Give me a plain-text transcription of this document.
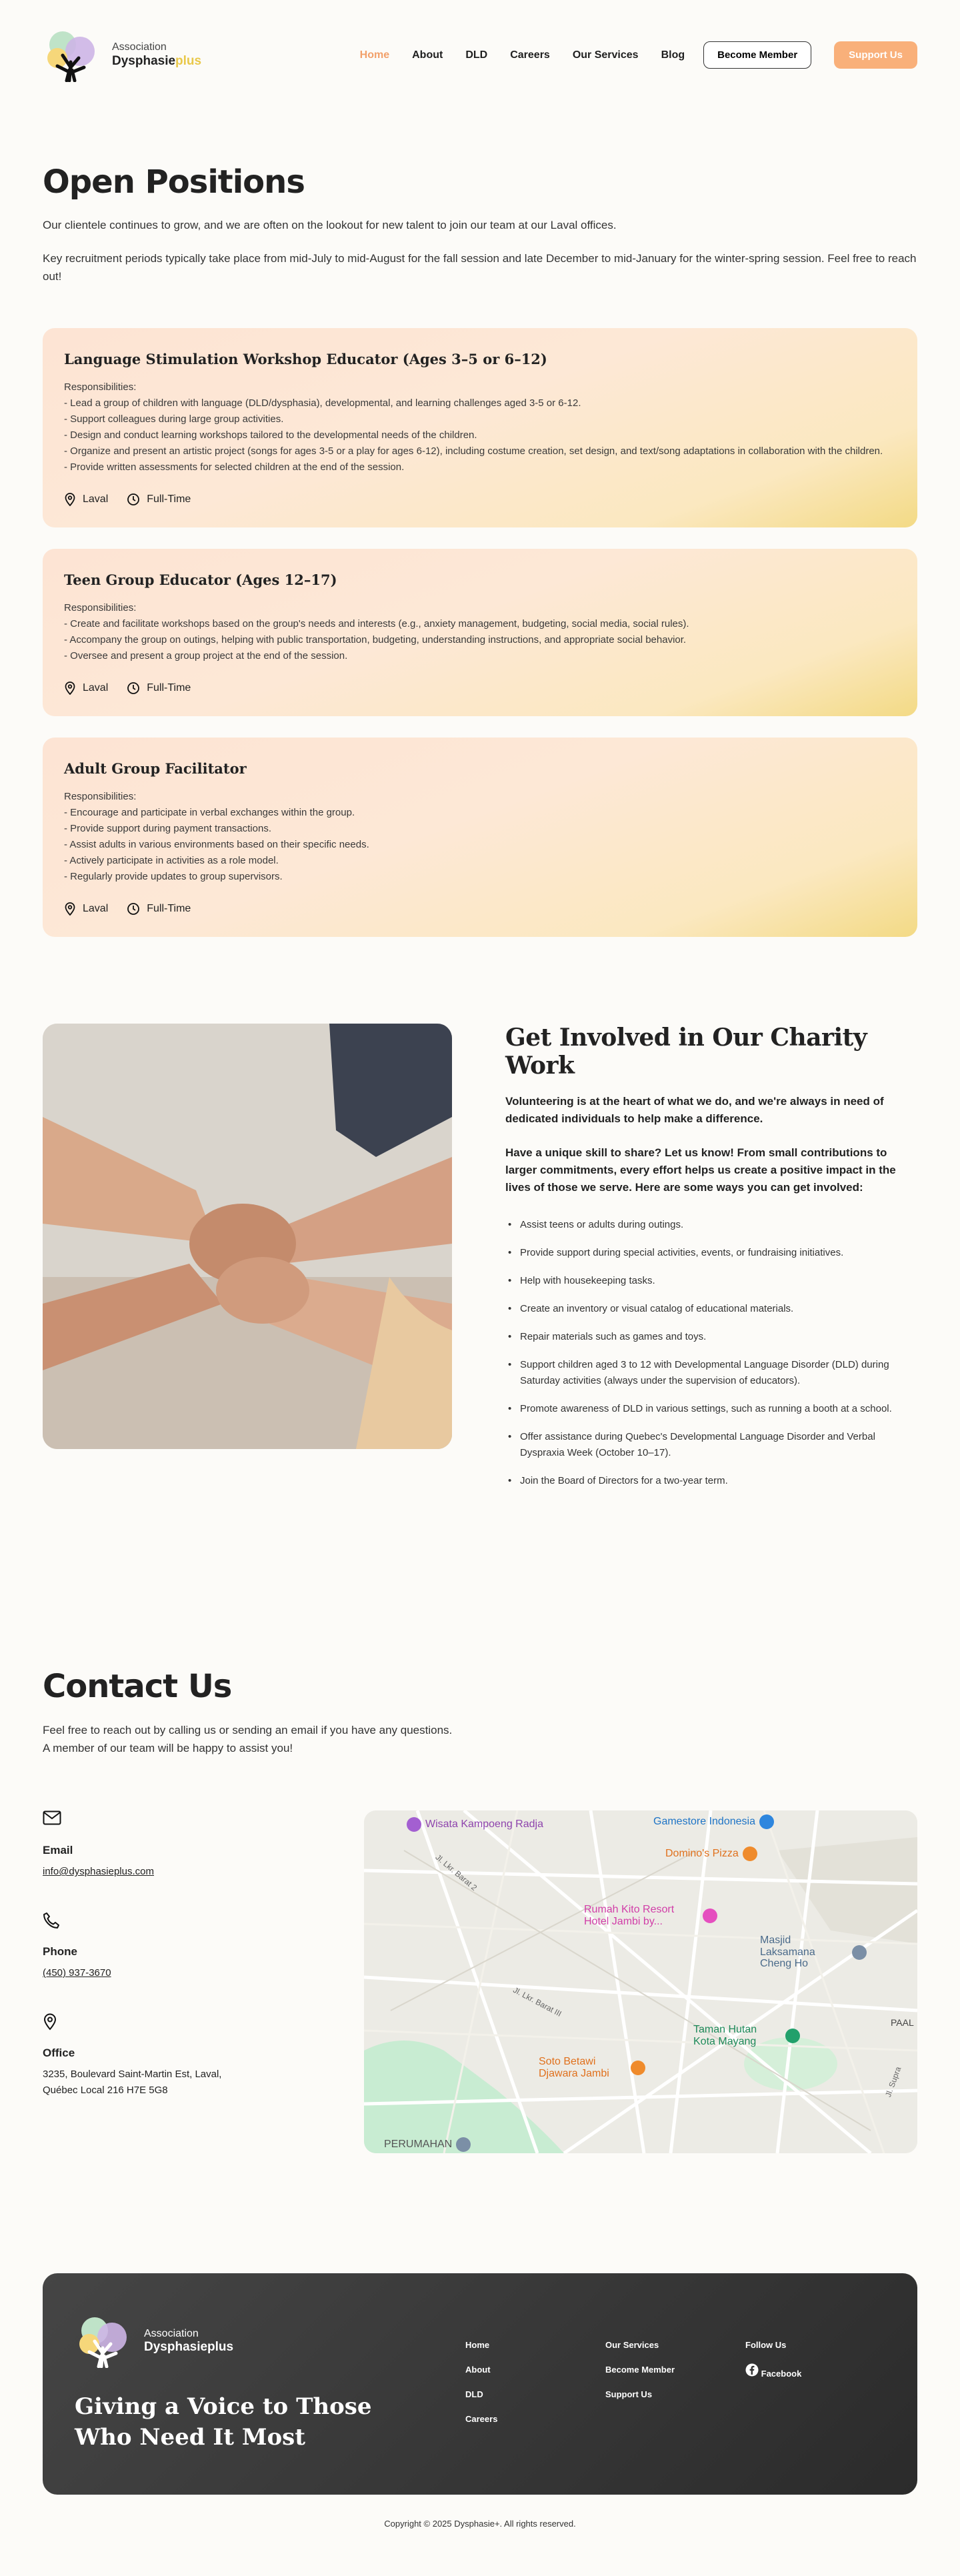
Association
Dysphasieplus	Home About DLD Careers Our Services Blog	Become Member	Support Us
Open Positions

Our clientele continues to grow, and we are often on the lookout for new talent to join our team at our Laval offices.

Key recruitment periods typically take place from mid-July to mid-August for the fall session and late December to mid-January for the winter-spring session. Feel free to reach out!

Language Stimulation Workshop Educator (Ages 3–5 or 6–12)
Responsibilities:
- Lead a group of children with language (DLD/dysphasia), developmental, and learning challenges aged 3-5 or 6-12.
- Support colleagues during large group activities.
- Design and conduct learning workshops tailored to the developmental needs of the children.
- Organize and present an artistic project (songs for ages 3-5 or a play for ages 6-12), including costume creation, set design, and text/song adaptations in collaboration with the children.
- Provide written assessments for selected children at the end of the session.
Laval	Full-Time
Teen Group Educator (Ages 12–17)
Responsibilities:
- Create and facilitate workshops based on the group's needs and interests (e.g., anxiety management, budgeting, social media, social rules).
- Accompany the group on outings, helping with public transportation, budgeting, understanding instructions, and appropriate social behavior.
- Oversee and present a group project at the end of the session.
Laval	Full-Time
Adult Group Facilitator
Responsibilities:
- Encourage and participate in verbal exchanges within the group.
- Provide support during payment transactions.
- Assist adults in various environments based on their specific needs.
- Actively participate in activities as a role model.
- Regularly provide updates to group supervisors.
Laval	Full-Time
Get Involved in Our Charity Work

Volunteering is at the heart of what we do, and we're always in need of dedicated individuals to help make a difference.

Have a unique skill to share? Let us know! From small contributions to larger commitments, every effort helps us create a positive impact in the lives of those we serve. Here are some ways you can get involved:

• Assist teens or adults during outings.
• Provide support during special activities, events, or fundraising initiatives.
• Help with housekeeping tasks.
• Create an inventory or visual catalog of educational materials.
• Repair materials such as games and toys.
• Support children aged 3 to 12 with Developmental Language Disorder (DLD) during Saturday activities (always under the supervision of educators).
• Promote awareness of DLD in various settings, such as running a booth at a school.
• Offer assistance during Quebec's Developmental Language Disorder and Verbal Dyspraxia Week (October 10–17).
• Join the Board of Directors for a two-year term.
Contact Us

Feel free to reach out by calling us or sending an email if you have any questions.

A member of our team will be happy to assist you!

Email
info@dysphasieplus.com
Phone
(450) 937-3670
Office
3235, Boulevard Saint-Martin Est, Laval,
Québec Local 216 H7E 5G8
Wisata Kampoeng Radja	Gamestore Indonesia
Domino's Pizza
Rumah Kito Resort Hotel Jambi by...
Masjid Laksamana Cheng Ho
Taman Hutan Kota Mayang
Soto Betawi Djawara Jambi
PERUMAHAN
PAAL
Jl. Lkr. Barat 2
Jl. Lkr. Barat III
Jl. Supra
Association
Dysphasieplus
Giving a Voice to Those Who Need It Most
Home
About
DLD
Careers
Our Services
Become Member
Support Us
Follow Us
Facebook
Copyright © 2025 Dysphasie+. All rights reserved.
